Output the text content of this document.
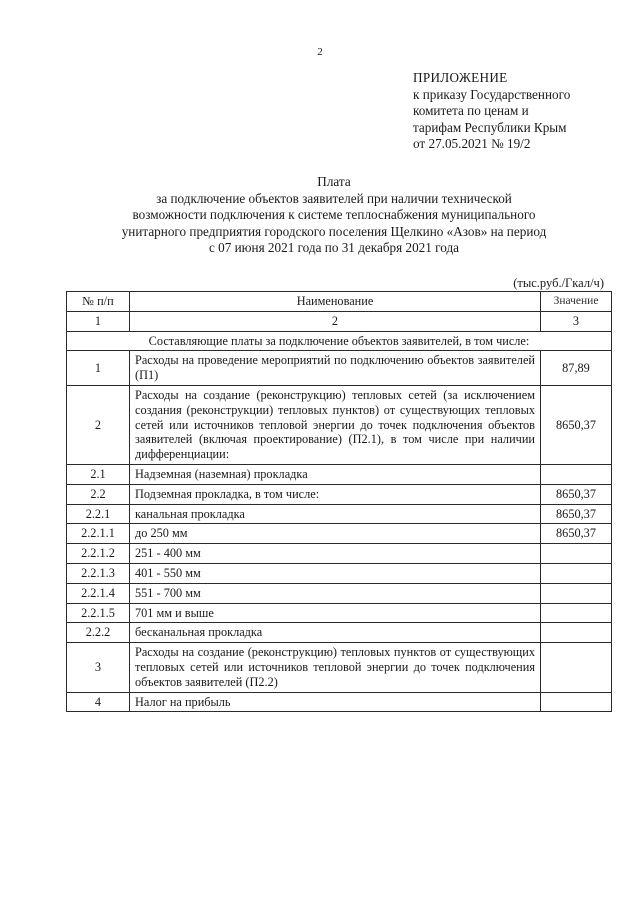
2
ПРИЛОЖЕНИЕ
к приказу Государственного
комитета по ценам и
тарифам Республики Крым
от 27.05.2021 № 19/2
Плата
за подключение объектов заявителей при наличии технической
возможности подключения к системе теплоснабжения муниципального
унитарного предприятия городского поселения Щелкино «Азов» на период
с 07 июня 2021 года по 31 декабря 2021 года
(тыс.руб./Гкал/ч)
№ п/п	Наименование	Значение
1	2	3
Составляющие платы за подключение объектов заявителей, в том числе:		
1	Расходы на проведение мероприятий по подключению объектов заявителей (П1)	87,89
2	Расходы на создание (реконструкцию) тепловых сетей (за исключением создания (реконструкции) тепловых пунктов) от существующих тепловых сетей или источников тепловой энергии до точек подключения объектов заявителей (включая проектирование) (П2.1), в том числе при наличии дифференциации:	8650,37
2.1	Надземная (наземная) прокладка	
2.2	Подземная прокладка, в том числе:	8650,37
2.2.1	канальная прокладка	8650,37
2.2.1.1	до 250 мм	8650,37
2.2.1.2	251 - 400 мм	
2.2.1.3	401 - 550 мм	
2.2.1.4	551 - 700 мм	
2.2.1.5	701 мм и выше	
2.2.2	бесканальная прокладка	
3	Расходы на создание (реконструкцию) тепловых пунктов от существующих тепловых сетей или источников тепловой энергии до точек подключения объектов заявителей (П2.2)	
4	Налог на прибыль	
